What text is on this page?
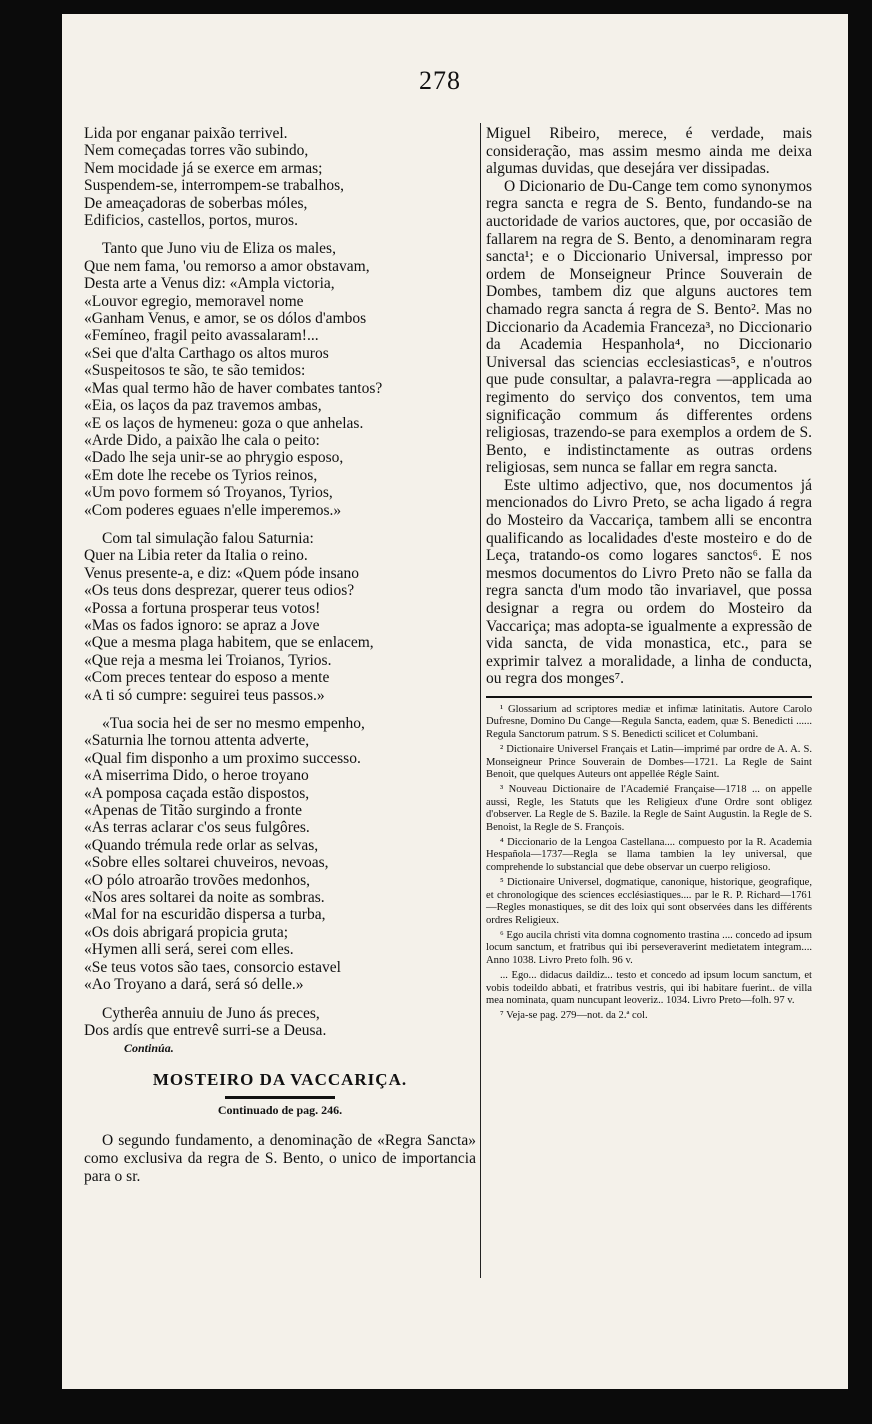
278

Lida por enganar paixão terrivel.

Nem começadas torres vão subindo,

Nem mocidade já se exerce em armas;

Suspendem-se, interrompem-se trabalhos,

De ameaçadoras de soberbas móles,

Edificios, castellos, portos, muros.

Tanto que Juno viu de Eliza os males,

Que nem fama, 'ou remorso a amor obstavam,

Desta arte a Venus diz: «Ampla victoria,

«Louvor egregio, memoravel nome

«Ganham Venus, e amor, se os dólos d'ambos

«Femíneo, fragil peito avassalaram!...

«Sei que d'alta Carthago os altos muros

«Suspeitosos te são, te são temidos:

«Mas qual termo hão de haver combates tantos?

«Eia, os laços da paz travemos ambas,

«E os laços de hymeneu: goza o que anhelas.

«Arde Dido, a paixão lhe cala o peito:

«Dado lhe seja unir-se ao phrygio esposo,

«Em dote lhe recebe os Tyrios reinos,

«Um povo formem só Troyanos, Tyrios,

«Com poderes eguaes n'elle imperemos.»

Com tal simulação falou Saturnia:

Quer na Libia reter da Italia o reino.

Venus presente-a, e diz: «Quem póde insano

«Os teus dons desprezar, querer teus odios?

«Possa a fortuna prosperar teus votos!

«Mas os fados ignoro: se apraz a Jove

«Que a mesma plaga habitem, que se enlacem,

«Que reja a mesma lei Troianos, Tyrios.

«Com preces tentear do esposo a mente

«A ti só cumpre: seguirei teus passos.»

«Tua socia hei de ser no mesmo empenho,

«Saturnia lhe tornou attenta adverte,

«Qual fim disponho a um proximo successo.

«A miserrima Dido, o heroe troyano

«A pomposa caçada estão dispostos,

«Apenas de Titão surgindo a fronte

«As terras aclarar c'os seus fulgôres.

«Quando trémula rede orlar as selvas,

«Sobre elles soltarei chuveiros, nevoas,

«O pólo atroarão trovões medonhos,

«Nos ares soltarei da noite as sombras.

«Mal for na escuridão dispersa a turba,

«Os dois abrigará propicia gruta;

«Hymen alli será, serei com elles.

«Se teus votos são taes, consorcio estavel

«Ao Troyano a dará, será só delle.»

Cytherêa annuiu de Juno ás preces,

Dos ardís que entrevê surri-se a Deusa.

Continúa.

MOSTEIRO DA VACCARIÇA.
Continuado de pag. 246.

O segundo fundamento, a denominação de «Regra Sancta» como exclusiva da regra de S. Bento, o unico de importancia para o sr.

Miguel Ribeiro, merece, é verdade, mais consideração, mas assim mesmo ainda me deixa algumas duvidas, que desejára ver dissipadas.

O Dicionario de Du-Cange tem como synonymos regra sancta e regra de S. Bento, fundando-se na auctoridade de varios auctores, que, por occasião de fallarem na regra de S. Bento, a denominaram regra sancta¹; e o Diccionario Universal, impresso por ordem de Monseigneur Prince Souverain de Dombes, tambem diz que alguns auctores tem chamado regra sancta á regra de S. Bento². Mas no Diccionario da Academia Franceza³, no Diccionario da Academia Hespanhola⁴, no Diccionario Universal das sciencias ecclesiasticas⁵, e n'outros que pude consultar, a palavra-regra —applicada ao regimento do serviço dos conventos, tem uma significação commum ás differentes ordens religiosas, trazendo-se para exemplos a ordem de S. Bento, e indistinctamente as outras ordens religiosas, sem nunca se fallar em regra sancta.

Este ultimo adjectivo, que, nos documentos já mencionados do Livro Preto, se acha ligado á regra do Mosteiro da Vaccariça, tambem alli se encontra qualificando as localidades d'este mosteiro e do de Leça, tratando-os como logares sanctos⁶. E nos mesmos documentos do Livro Preto não se falla da regra sancta d'um modo tão invariavel, que possa designar a regra ou ordem do Mosteiro da Vaccariça; mas adopta-se igualmente a expressão de vida sancta, de vida monastica, etc., para se exprimir talvez a moralidade, a linha de conducta, ou regra dos monges⁷.

¹ Glossarium ad scriptores mediæ et infimæ latinitatis. Autore Carolo Dufresne, Domino Du Cange—Regula Sancta, eadem, quæ S. Benedicti ...... Regula Sanctorum patrum. S S. Benedicti scilicet et Columbani.

² Dictionaire Universel Français et Latin—imprimé par ordre de A. A. S. Monseigneur Prince Souverain de Dombes—1721. La Regle de Saint Benoit, que quelques Auteurs ont appellée Régle Saint.

³ Nouveau Dictionaire de l'Academié Française—1718 ... on appelle aussi, Regle, les Statuts que les Religieux d'une Ordre sont obligez d'observer. La Regle de S. Bazile. la Regle de Saint Augustin. la Regle de S. Benoist, la Regle de S. François.

⁴ Diccionario de la Lengoa Castellana.... compuesto por la R. Academia Hespañola—1737—Regla se llama tambien la ley universal, que comprehende lo substancial que debe observar un cuerpo religioso.

⁵ Dictionaire Universel, dogmatique, canonique, historique, geografique, et chronologique des sciences ecclésiastiques.... par le R. P. Richard—1761—Regles monastiques, se dit des loix qui sont observées dans les différents ordres Religieux.

⁶ Ego aucila christi vita domna cognomento trastina .... concedo ad ipsum locum sanctum, et fratribus qui ibi perseveraverint medietatem integram.... Anno 1038. Livro Preto folh. 96 v.

... Ego... didacus daildiz... testo et concedo ad ipsum locum sanctum, et vobis todeildo abbati, et fratribus vestris, qui ibi habitare fuerint.. de villa mea nominata, quam nuncupant leoveriz.. 1034. Livro Preto—folh. 97 v.

⁷ Veja-se pag. 279—not. da 2.ª col.
